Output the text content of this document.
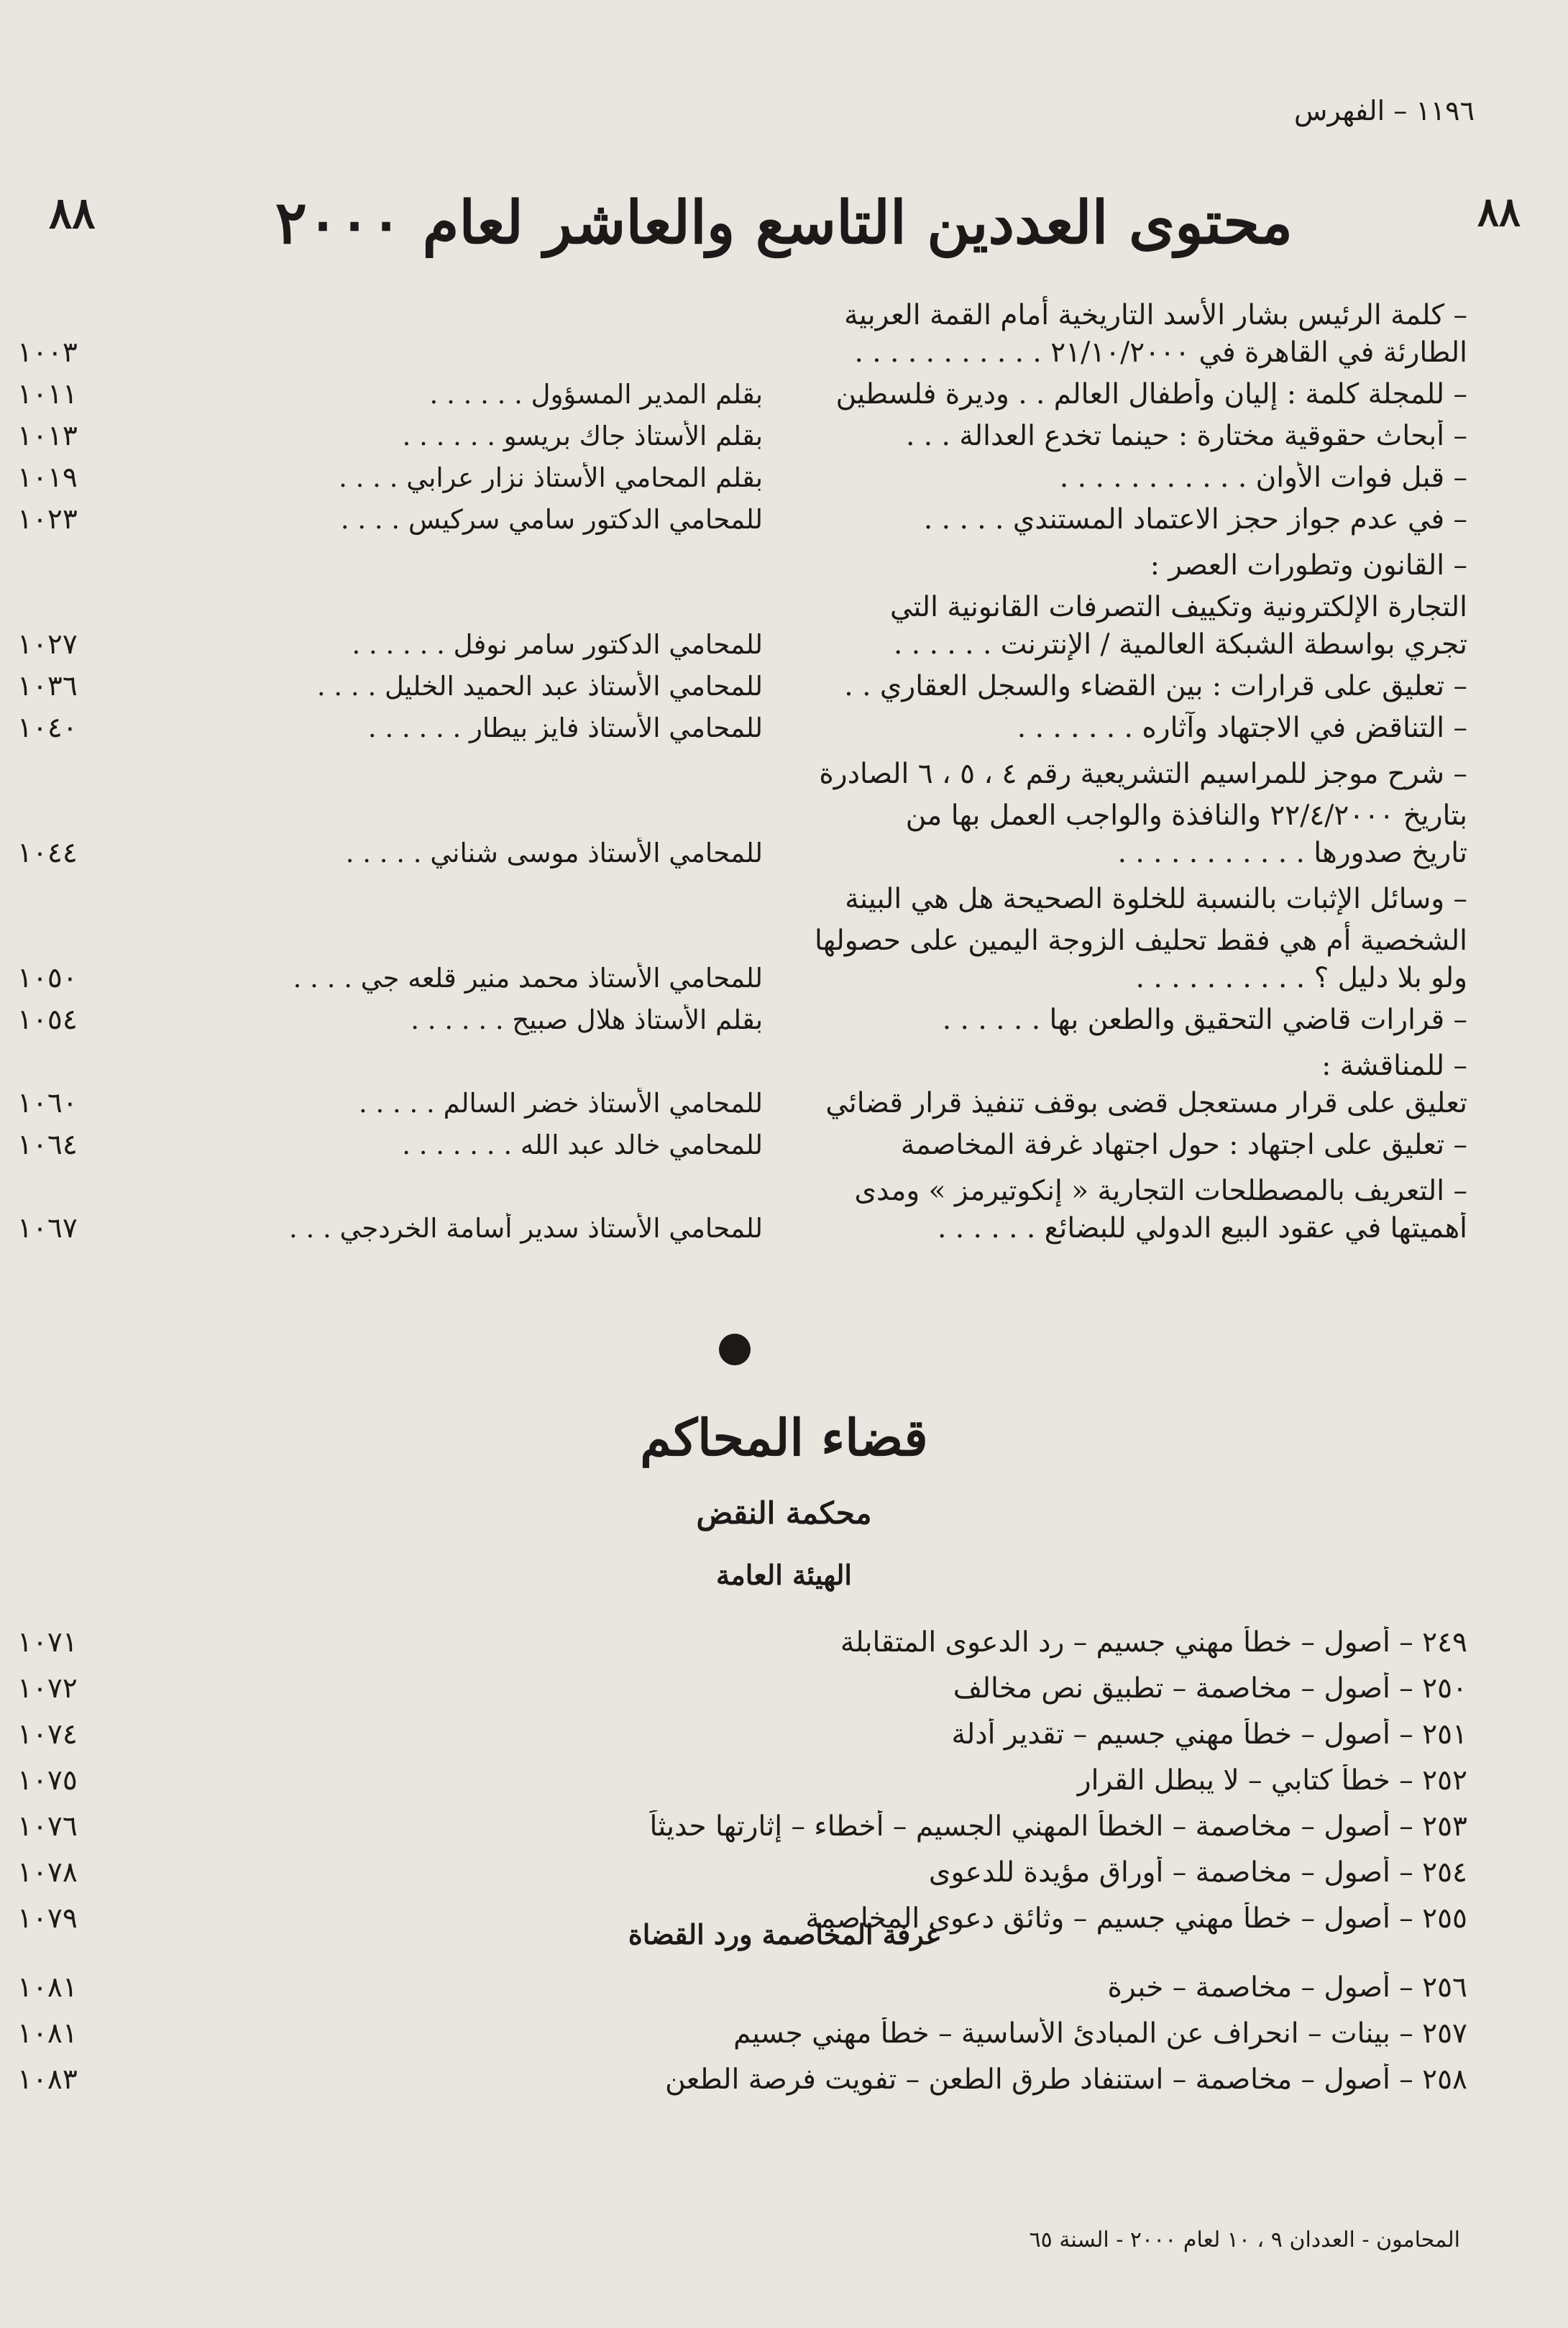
١١٩٦ – الفهرس
٨٨	٨٨
محتوى العددين التاسع والعاشر لعام ٢٠٠٠
– كلمة الرئيس بشار الأسد التاريخية أمام القمة العربية
الطارئة في القاهرة في ٢١/١٠/٢٠٠٠ . . . . . . . . . . .
١٠٠٣
– للمجلة كلمة : إليان وأطفال العالم . . وديرة فلسطين
بقلم المدير المسؤول . . . . . .
١٠١١
– أبحاث حقوقية مختارة : حينما تخدع العدالة . . .
بقلم الأستاذ جاك بريسو . . . . . .
١٠١٣
– قبل فوات الأوان . . . . . . . . . . .
بقلم المحامي الأستاذ نزار عرابي . . . .
١٠١٩
– في عدم جواز حجز الاعتماد المستندي . . . . .
للمحامي الدكتور سامي سركيس . . . .
١٠٢٣
– القانون وتطورات العصر :
التجارة الإلكترونية وتكييف التصرفات القانونية التي
تجري بواسطة الشبكة العالمية / الإنترنت . . . . . .
للمحامي الدكتور سامر نوفل . . . . . .
١٠٢٧
– تعليق على قرارات : بين القضاء والسجل العقاري . .
للمحامي الأستاذ عبد الحميد الخليل . . . .
١٠٣٦
– التناقض في الاجتهاد وآثاره . . . . . . .
للمحامي الأستاذ فايز بيطار . . . . . .
١٠٤٠
– شرح موجز للمراسيم التشريعية رقم ٤ ، ٥ ، ٦ الصادرة
بتاريخ ٢٢/٤/٢٠٠٠ والنافذة والواجب العمل بها من
تاريخ صدورها . . . . . . . . . . .
للمحامي الأستاذ موسى شناني . . . . .
١٠٤٤
– وسائل الإثبات بالنسبة للخلوة الصحيحة هل هي البينة
الشخصية أم هي فقط تحليف الزوجة اليمين على حصولها
ولو بلا دليل ؟ . . . . . . . . . .
للمحامي الأستاذ محمد منير قلعه جي . . . .
١٠٥٠
– قرارات قاضي التحقيق والطعن بها . . . . . .
بقلم الأستاذ هلال صبيح . . . . . .
١٠٥٤
– للمناقشة :
تعليق على قرار مستعجل قضى بوقف تنفيذ قرار قضائي
للمحامي الأستاذ خضر السالم . . . . .
١٠٦٠
– تعليق على اجتهاد : حول اجتهاد غرفة المخاصمة
للمحامي خالد عبد الله . . . . . . .
١٠٦٤
– التعريف بالمصطلحات التجارية « إنكوتيرمز » ومدى
أهميتها في عقود البيع الدولي للبضائع . . . . . .
للمحامي الأستاذ سدير أسامة الخردجي . . .
١٠٦٧
قضاء المحاكم
محكمة النقض
الهيئة العامة
٢٤٩ – أصول – خطأ مهني جسيم – رد الدعوى المتقابلة
١٠٧١
٢٥٠ – أصول – مخاصمة – تطبيق نص مخالف
١٠٧٢
٢٥١ – أصول – خطأ مهني جسيم – تقدير أدلة
١٠٧٤
٢٥٢ – خطأ كتابي – لا يبطل القرار
١٠٧٥
٢٥٣ – أصول – مخاصمة – الخطأ المهني الجسيم – أخطاء – إثارتها حديثاً
١٠٧٦
٢٥٤ – أصول – مخاصمة – أوراق مؤيدة للدعوى
١٠٧٨
٢٥٥ – أصول – خطأ مهني جسيم – وثائق دعوى المخاصمة
١٠٧٩	غرفة المخاصمة ورد القضاة
٢٥٦ – أصول – مخاصمة – خبرة
١٠٨١
٢٥٧ – بينات – انحراف عن المبادئ الأساسية – خطأ مهني جسيم
١٠٨١
٢٥٨ – أصول – مخاصمة – استنفاد طرق الطعن – تفويت فرصة الطعن
١٠٨٣
المحامون - العددان ٩ ، ١٠ لعام ٢٠٠٠ - السنة ٦٥
